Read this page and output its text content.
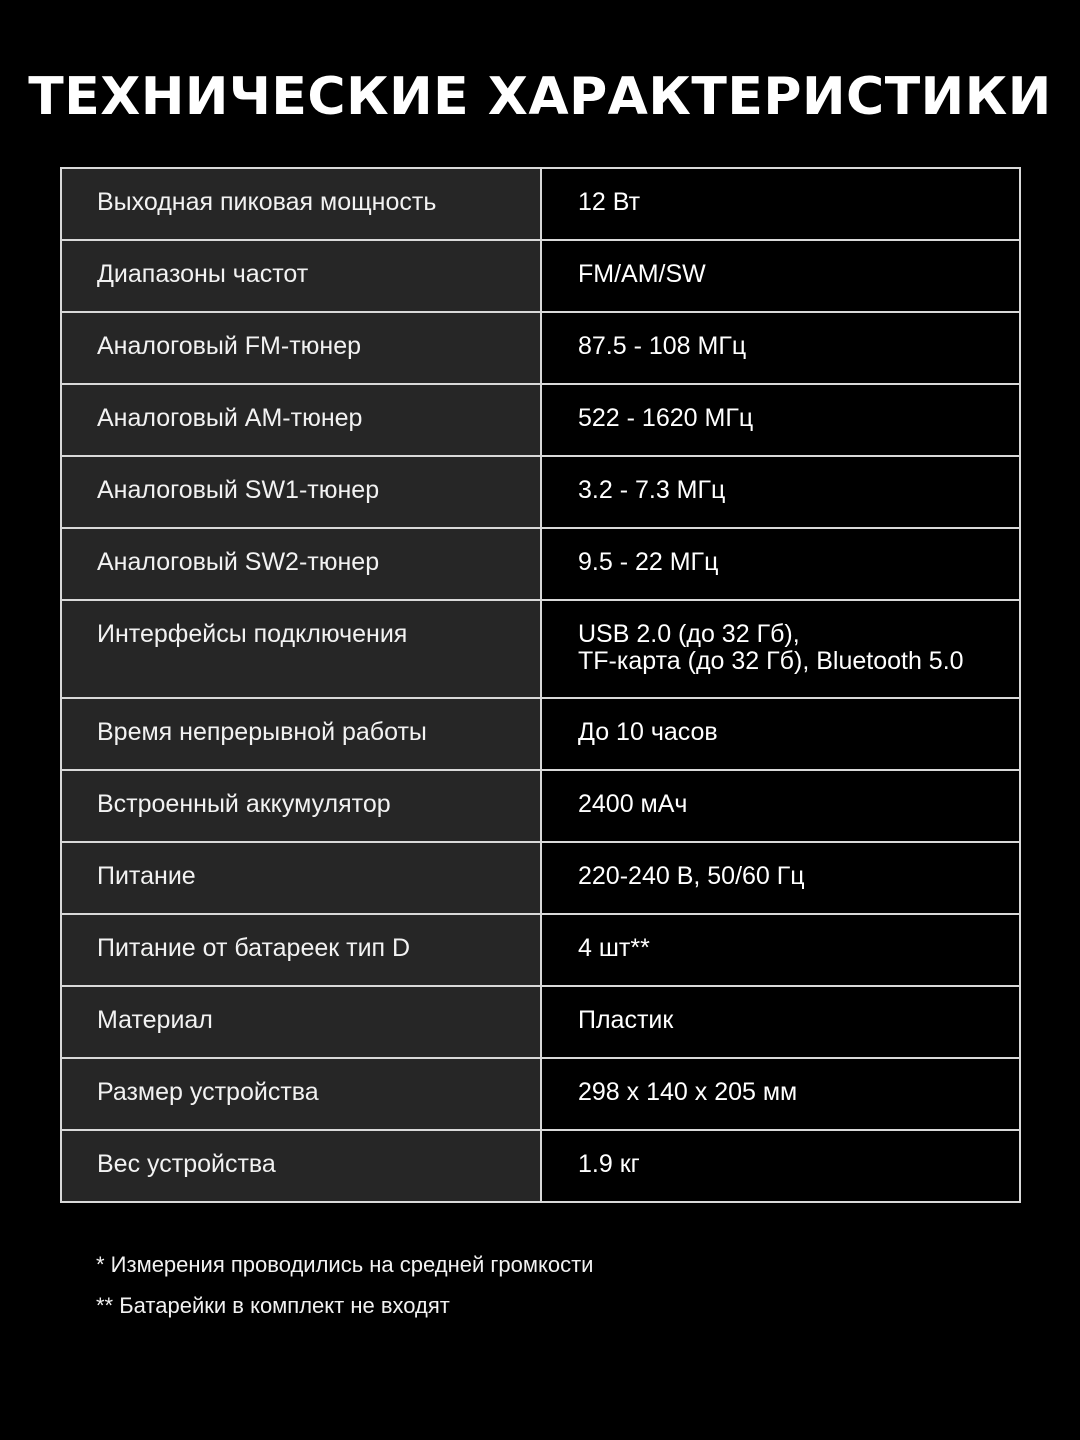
ТЕХНИЧЕСКИЕ ХАРАКТЕРИСТИКИ
Выходная пиковая мощность	12 Вт

Диапазоны частот	FM/AM/SW

Аналоговый FM-тюнер	87.5 - 108 МГц

Аналоговый AM-тюнер	522 - 1620 МГц

Аналоговый SW1-тюнер	3.2 - 7.3 МГц

Аналоговый SW2-тюнер	9.5 - 22 МГц

Интерфейсы подключения	USB 2.0 (до 32 Гб),
TF-карта (до 32 Гб), Bluetooth 5.0

Время непрерывной работы	До 10 часов

Встроенный аккумулятор	2400 мАч

Питание	220-240 В, 50/60 Гц

Питание от батареек тип D	4 шт**

Материал	Пластик

Размер устройства	298 х 140 х 205 мм

Вес устройства	1.9 кг
* Измерения проводились на средней громкости
** Батарейки в комплект не входят
